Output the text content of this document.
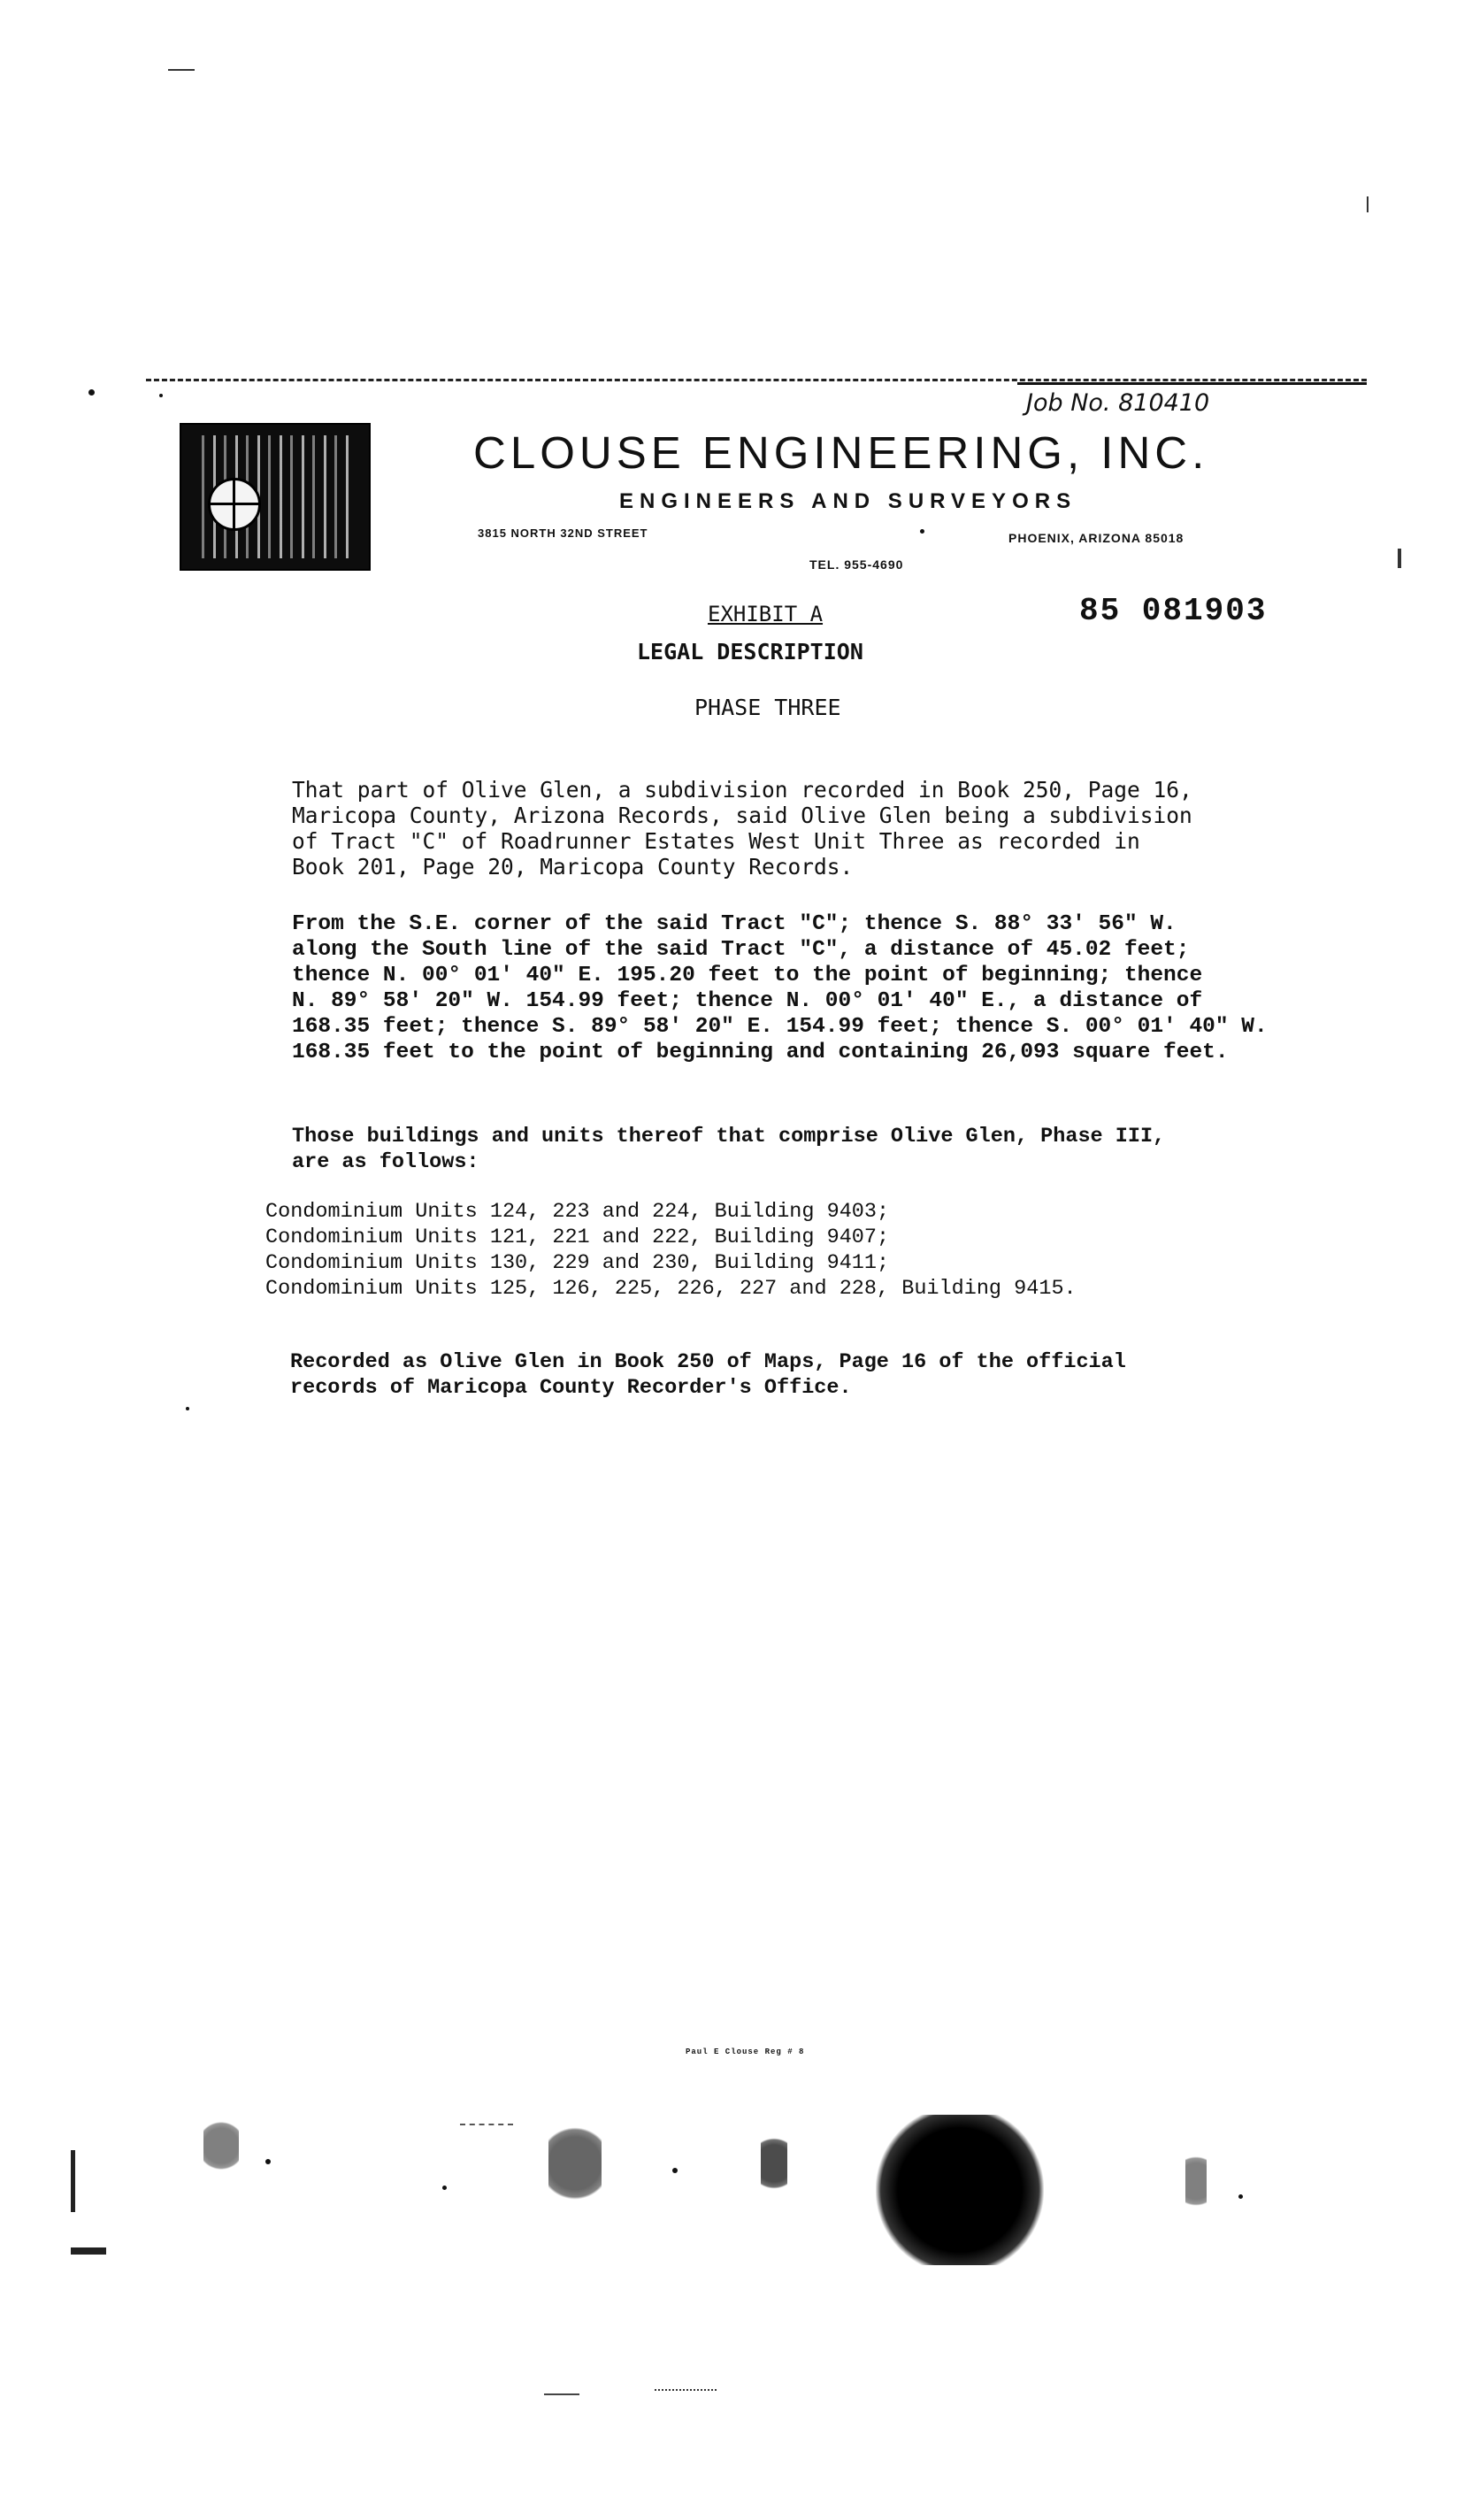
Job No. 810410
CLOUSE ENGINEERING, INC.
ENGINEERS AND SURVEYORS
3815 NORTH 32ND STREET	PHOENIX, ARIZONA 85018
TEL. 955-4690
85 081903
EXHIBIT A
LEGAL DESCRIPTION
PHASE THREE
That part of Olive Glen, a subdivision recorded in Book 250, Page 16,
Maricopa County, Arizona Records, said Olive Glen being a subdivision
of Tract "C" of Roadrunner Estates West Unit Three as recorded in
Book 201, Page 20, Maricopa County Records.
From the S.E. corner of the said Tract "C"; thence S. 88° 33' 56" W.
along the South line of the said Tract "C", a distance of 45.02 feet;
thence N. 00° 01' 40" E. 195.20 feet to the point of beginning; thence
N. 89° 58' 20" W. 154.99 feet; thence N. 00° 01' 40" E., a distance of
168.35 feet; thence S. 89° 58' 20" E. 154.99 feet; thence S. 00° 01' 40" W.
168.35 feet to the point of beginning and containing 26,093 square feet.
Those buildings and units thereof that comprise Olive Glen, Phase III,
are as follows:
Condominium Units 124, 223 and 224, Building 9403;
Condominium Units 121, 221 and 222, Building 9407;
Condominium Units 130, 229 and 230, Building 9411;
Condominium Units 125, 126, 225, 226, 227 and 228, Building 9415.
Recorded as Olive Glen in Book 250 of Maps, Page 16 of the official
records of Maricopa County Recorder's Office.
Paul E Clouse Reg # 8
